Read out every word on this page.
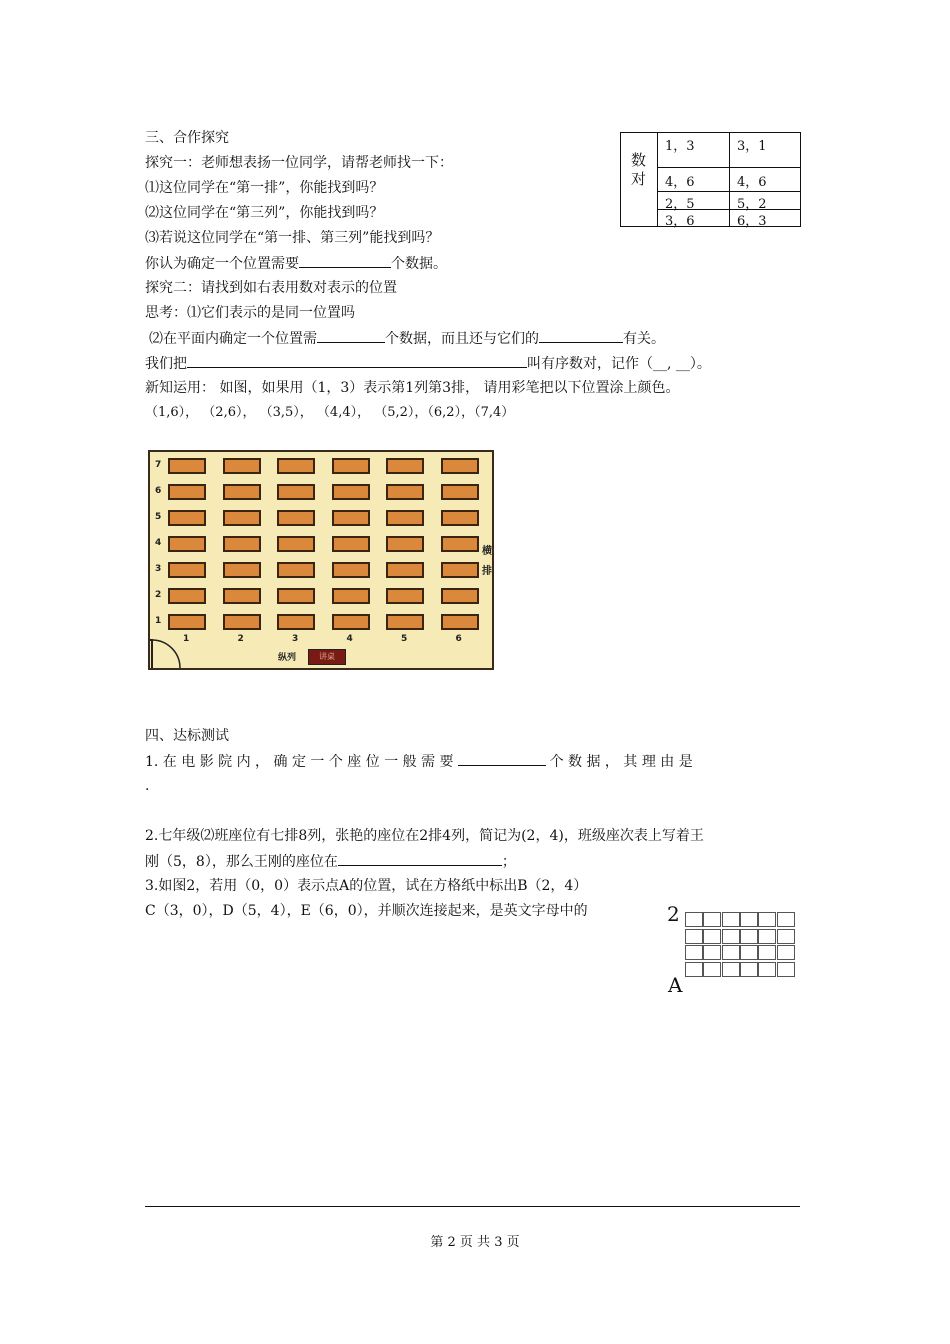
三、合作探究
探究一：老师想表扬一位同学，请帮老师找一下：
⑴这位同学在“第一排”，你能找到吗？
⑵这位同学在“第三列”，你能找到吗？
⑶若说这位同学在“第一排、第三列”能找到吗？
你认为确定一个位置需要	个数据。
探究二：请找到如右表用数对表示的位置
思考：⑴它们表示的是同一位置吗
⑵在平面内确定一个位置需	个数据，而且还与它们的	有关。
我们把	叫有序数对，记作（__, __）。
新知运用： 如图，如果用（1，3）表示第1列第3排， 请用彩笔把以下位置涂上颜色。
（1,6）， （2,6）， （3,5）， （4,4）， （5,2），（6,2），（7,4）
数
对
1，3	3，1
4，6	4，6
2，5	5，2
3，6	6，3
纵列	讲桌
横
排
7
6
5
4
3
2
1
1	2	3	4	5	6
2
A
四、达标测试
1. 在 电 影 院 内 ， 确 定 一 个 座 位 一 般 需 要	个 数 据 ， 其 理 由 是
.
2.七年级⑵班座位有七排8列，张艳的座位在2排4列，简记为(2，4)，班级座次表上写着王
刚（5，8），那么王刚的座位在	；
3.如图2，若用（0，0）表示点A的位置，试在方格纸中标出B（2，4）
C（3，0），D（5，4），E（6，0），并顺次连接起来，是英文字母中的
第 2 页 共 3 页
